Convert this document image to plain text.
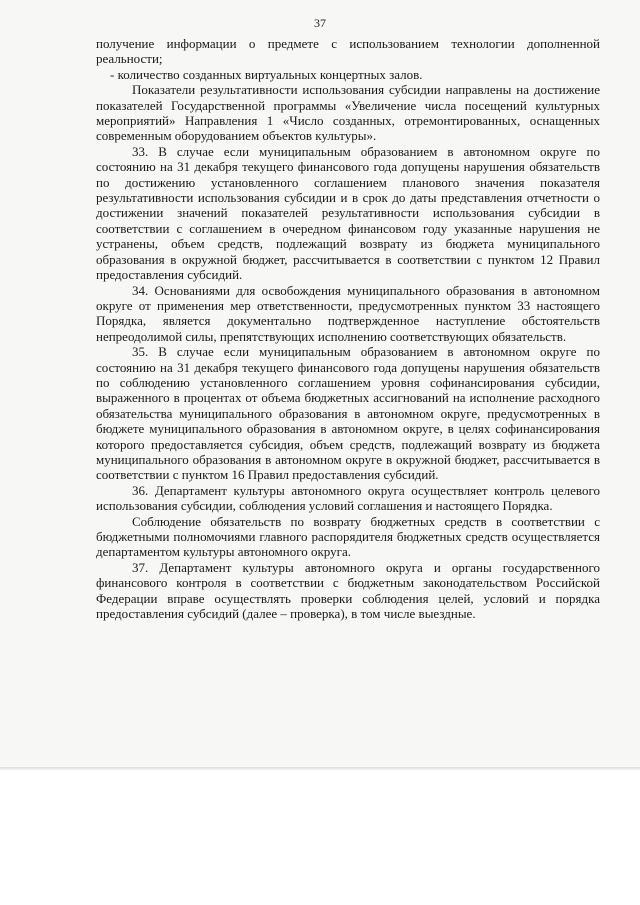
37

получение информации о предмете с использованием технологии дополненной реальности;

- количество созданных виртуальных концертных залов.

Показатели результативности использования субсидии направлены на достижение показателей Государственной программы «Увеличение числа посещений культурных мероприятий» Направления 1 «Число созданных, отремонтированных, оснащенных современным оборудованием объектов культуры».

33. В случае если муниципальным образованием в автономном округе по состоянию на 31 декабря текущего финансового года допущены нарушения обязательств по достижению установленного соглашением планового значения показателя результативности использования субсидии и в срок до даты представления отчетности о достижении значений показателей результативности использования субсидии в соответствии с соглашением в очередном финансовом году указанные нарушения не устранены, объем средств, подлежащий возврату из бюджета муниципального образования в окружной бюджет, рассчитывается в соответствии с пунктом 12 Правил предоставления субсидий.

34. Основаниями для освобождения муниципального образования в автономном округе от применения мер ответственности, предусмотренных пунктом 33 настоящего Порядка, является документально подтвержденное наступление обстоятельств непреодолимой силы, препятствующих исполнению соответствующих обязательств.

35. В случае если муниципальным образованием в автономном округе по состоянию на 31 декабря текущего финансового года допущены нарушения обязательств по соблюдению установленного соглашением уровня софинансирования субсидии, выраженного в процентах от объема бюджетных ассигнований на исполнение расходного обязательства муниципального образования в автономном округе, предусмотренных в бюджете муниципального образования в автономном округе, в целях софинансирования которого предоставляется субсидия, объем средств, подлежащий возврату из бюджета муниципального образования в автономном округе в окружной бюджет, рассчитывается в соответствии с пунктом 16 Правил предоставления субсидий.

36. Департамент культуры автономного округа осуществляет контроль целевого использования субсидии, соблюдения условий соглашения и настоящего Порядка.

Соблюдение обязательств по возврату бюджетных средств в соответствии с бюджетными полномочиями главного распорядителя бюджетных средств осуществляется департаментом культуры автономного округа.

37. Департамент культуры автономного округа и органы государственного финансового контроля в соответствии с бюджетным законодательством Российской Федерации вправе осуществлять проверки соблюдения целей, условий и порядка предоставления субсидий (далее – проверка), в том числе выездные.
